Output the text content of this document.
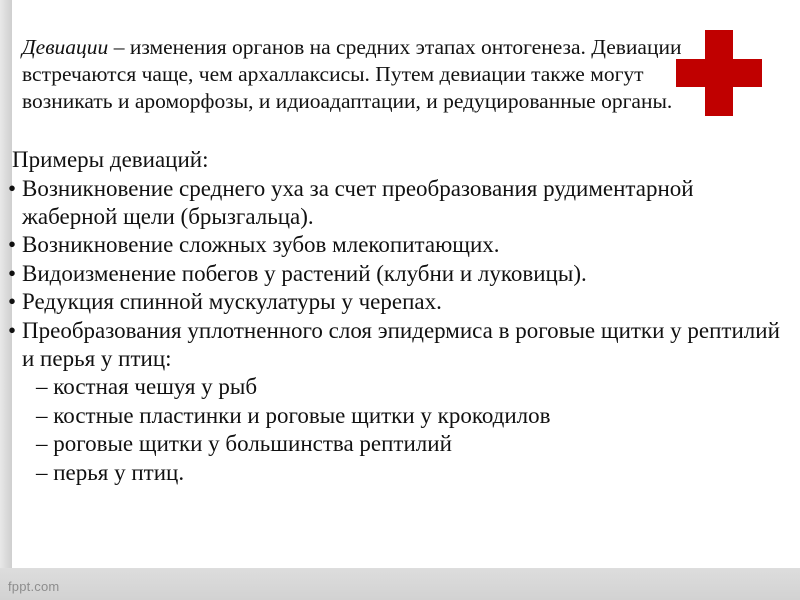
Девиации – изменения органов на средних этапах онтогенеза. Девиации встречаются чаще, чем архаллаксисы. Путем девиации также могут возникать и ароморфозы, и идиоадаптации, и редуцированные органы.

Примеры девиаций:
• Возникновение среднего уха за счет преобразования рудиментарной жаберной щели (брызгальца).
• Возникновение сложных зубов млекопитающих.
• Видоизменение побегов у растений (клубни и луковицы).
• Редукция спинной мускулатуры у черепах.
• Преобразования уплотненного слоя эпидермиса в роговые щитки у рептилий и перья у птиц:
– костная чешуя у рыб
– костные пластинки и роговые щитки у крокодилов
– роговые щитки у большинства рептилий
– перья у птиц.
fppt.com
